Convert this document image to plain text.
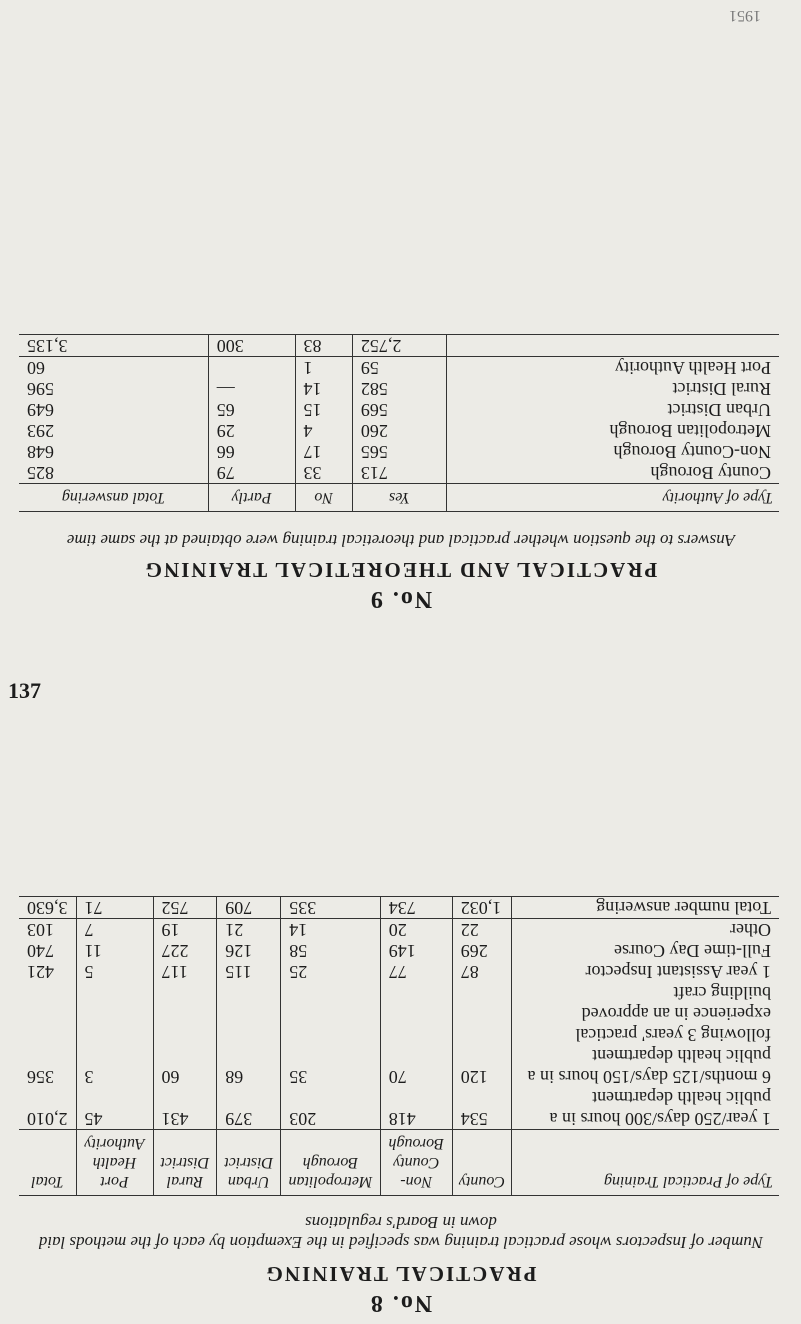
No. 8
PRACTICAL TRAINING
Number of Inspectors whose practical training was specified in the Exemption by each of the methods laid down in Board's regulations
Type of Practical Training	County	Non-County Borough	Metropolitan Borough	Urban District	Rural District	Port Health Authority	Total
1 year/250 days/300 hours in a public health department	534	418	203	379	431	45	2,010
6 months/125 days/150 hours in a public health department following 3 years' practical experience in an approved building craft	120	70	35	68	60	3	356
1 year Assistant Inspector	87	77	25	115	117	5	421
Full-time Day Course	269	149	58	126	227	11	740
Other	22	20	14	21	19	7	103
Total number answering	1,032	734	335	709	752	71	3,630
No. 9
PRACTICAL AND THEORETICAL TRAINING
Answers to the question whether practical and theoretical training were obtained at the same time
Type of Authority	Yes	No	Partly	Total answering
County Borough	713	33	79	825
Non-County Borough	565	17	66	648
Metropolitan Borough	260	4	29	293
Urban District	569	15	65	649
Rural District	582	14	—	596
Port Health Authority	59	1		60
	2,752	83	300	3,135
137
1951
